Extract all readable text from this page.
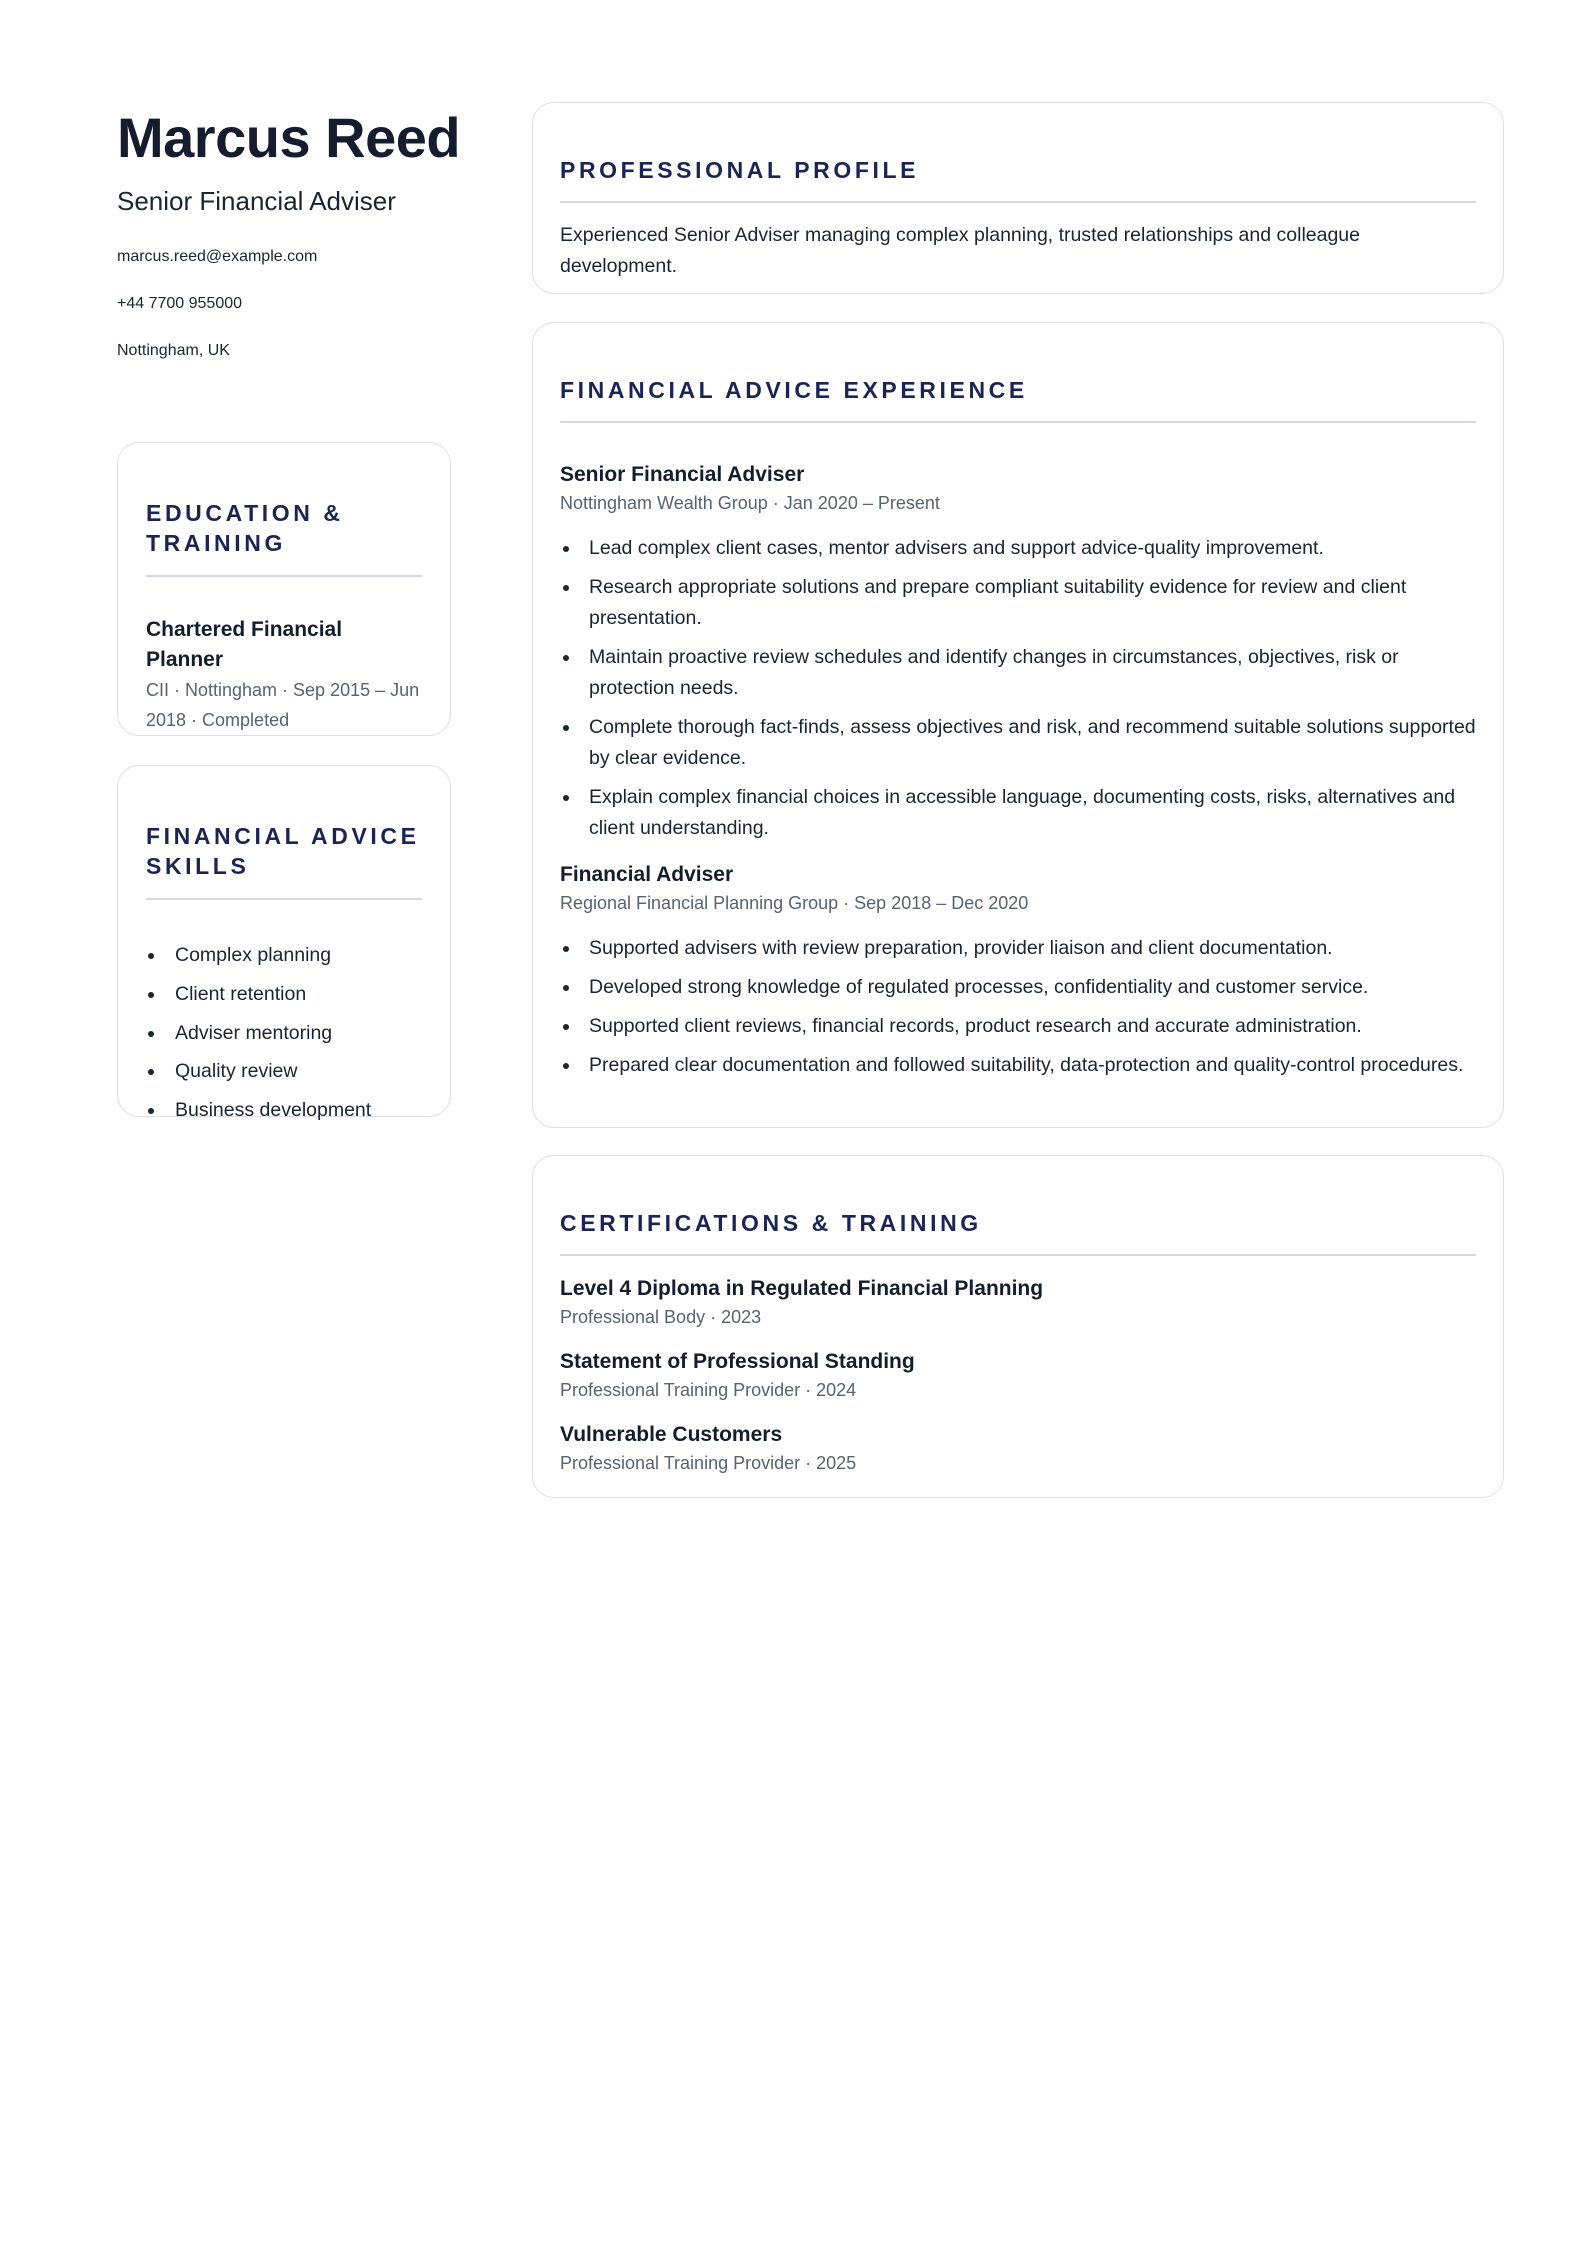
Marcus Reed
Senior Financial Adviser
marcus.reed@example.com
+44 7700 955000
Nottingham, UK
EDUCATION & TRAINING
Chartered Financial Planner
CII · Nottingham · Sep 2015 – Jun 2018 · Completed
FINANCIAL ADVICE SKILLS
Complex planning
Client retention
Adviser mentoring
Quality review
Business development
PROFESSIONAL PROFILE
Experienced Senior Adviser managing complex planning, trusted relationships and colleague development.
FINANCIAL ADVICE EXPERIENCE
Senior Financial Adviser
Nottingham Wealth Group · Jan 2020 – Present
Lead complex client cases, mentor advisers and support advice-quality improvement.
Research appropriate solutions and prepare compliant suitability evidence for review and client presentation.
Maintain proactive review schedules and identify changes in circumstances, objectives, risk or protection needs.
Complete thorough fact-finds, assess objectives and risk, and recommend suitable solutions supported by clear evidence.
Explain complex financial choices in accessible language, documenting costs, risks, alternatives and client understanding.
Financial Adviser
Regional Financial Planning Group · Sep 2018 – Dec 2020
Supported advisers with review preparation, provider liaison and client documentation.
Developed strong knowledge of regulated processes, confidentiality and customer service.
Supported client reviews, financial records, product research and accurate administration.
Prepared clear documentation and followed suitability, data-protection and quality-control procedures.
CERTIFICATIONS & TRAINING
Level 4 Diploma in Regulated Financial Planning
Professional Body · 2023
Statement of Professional Standing
Professional Training Provider · 2024
Vulnerable Customers
Professional Training Provider · 2025
